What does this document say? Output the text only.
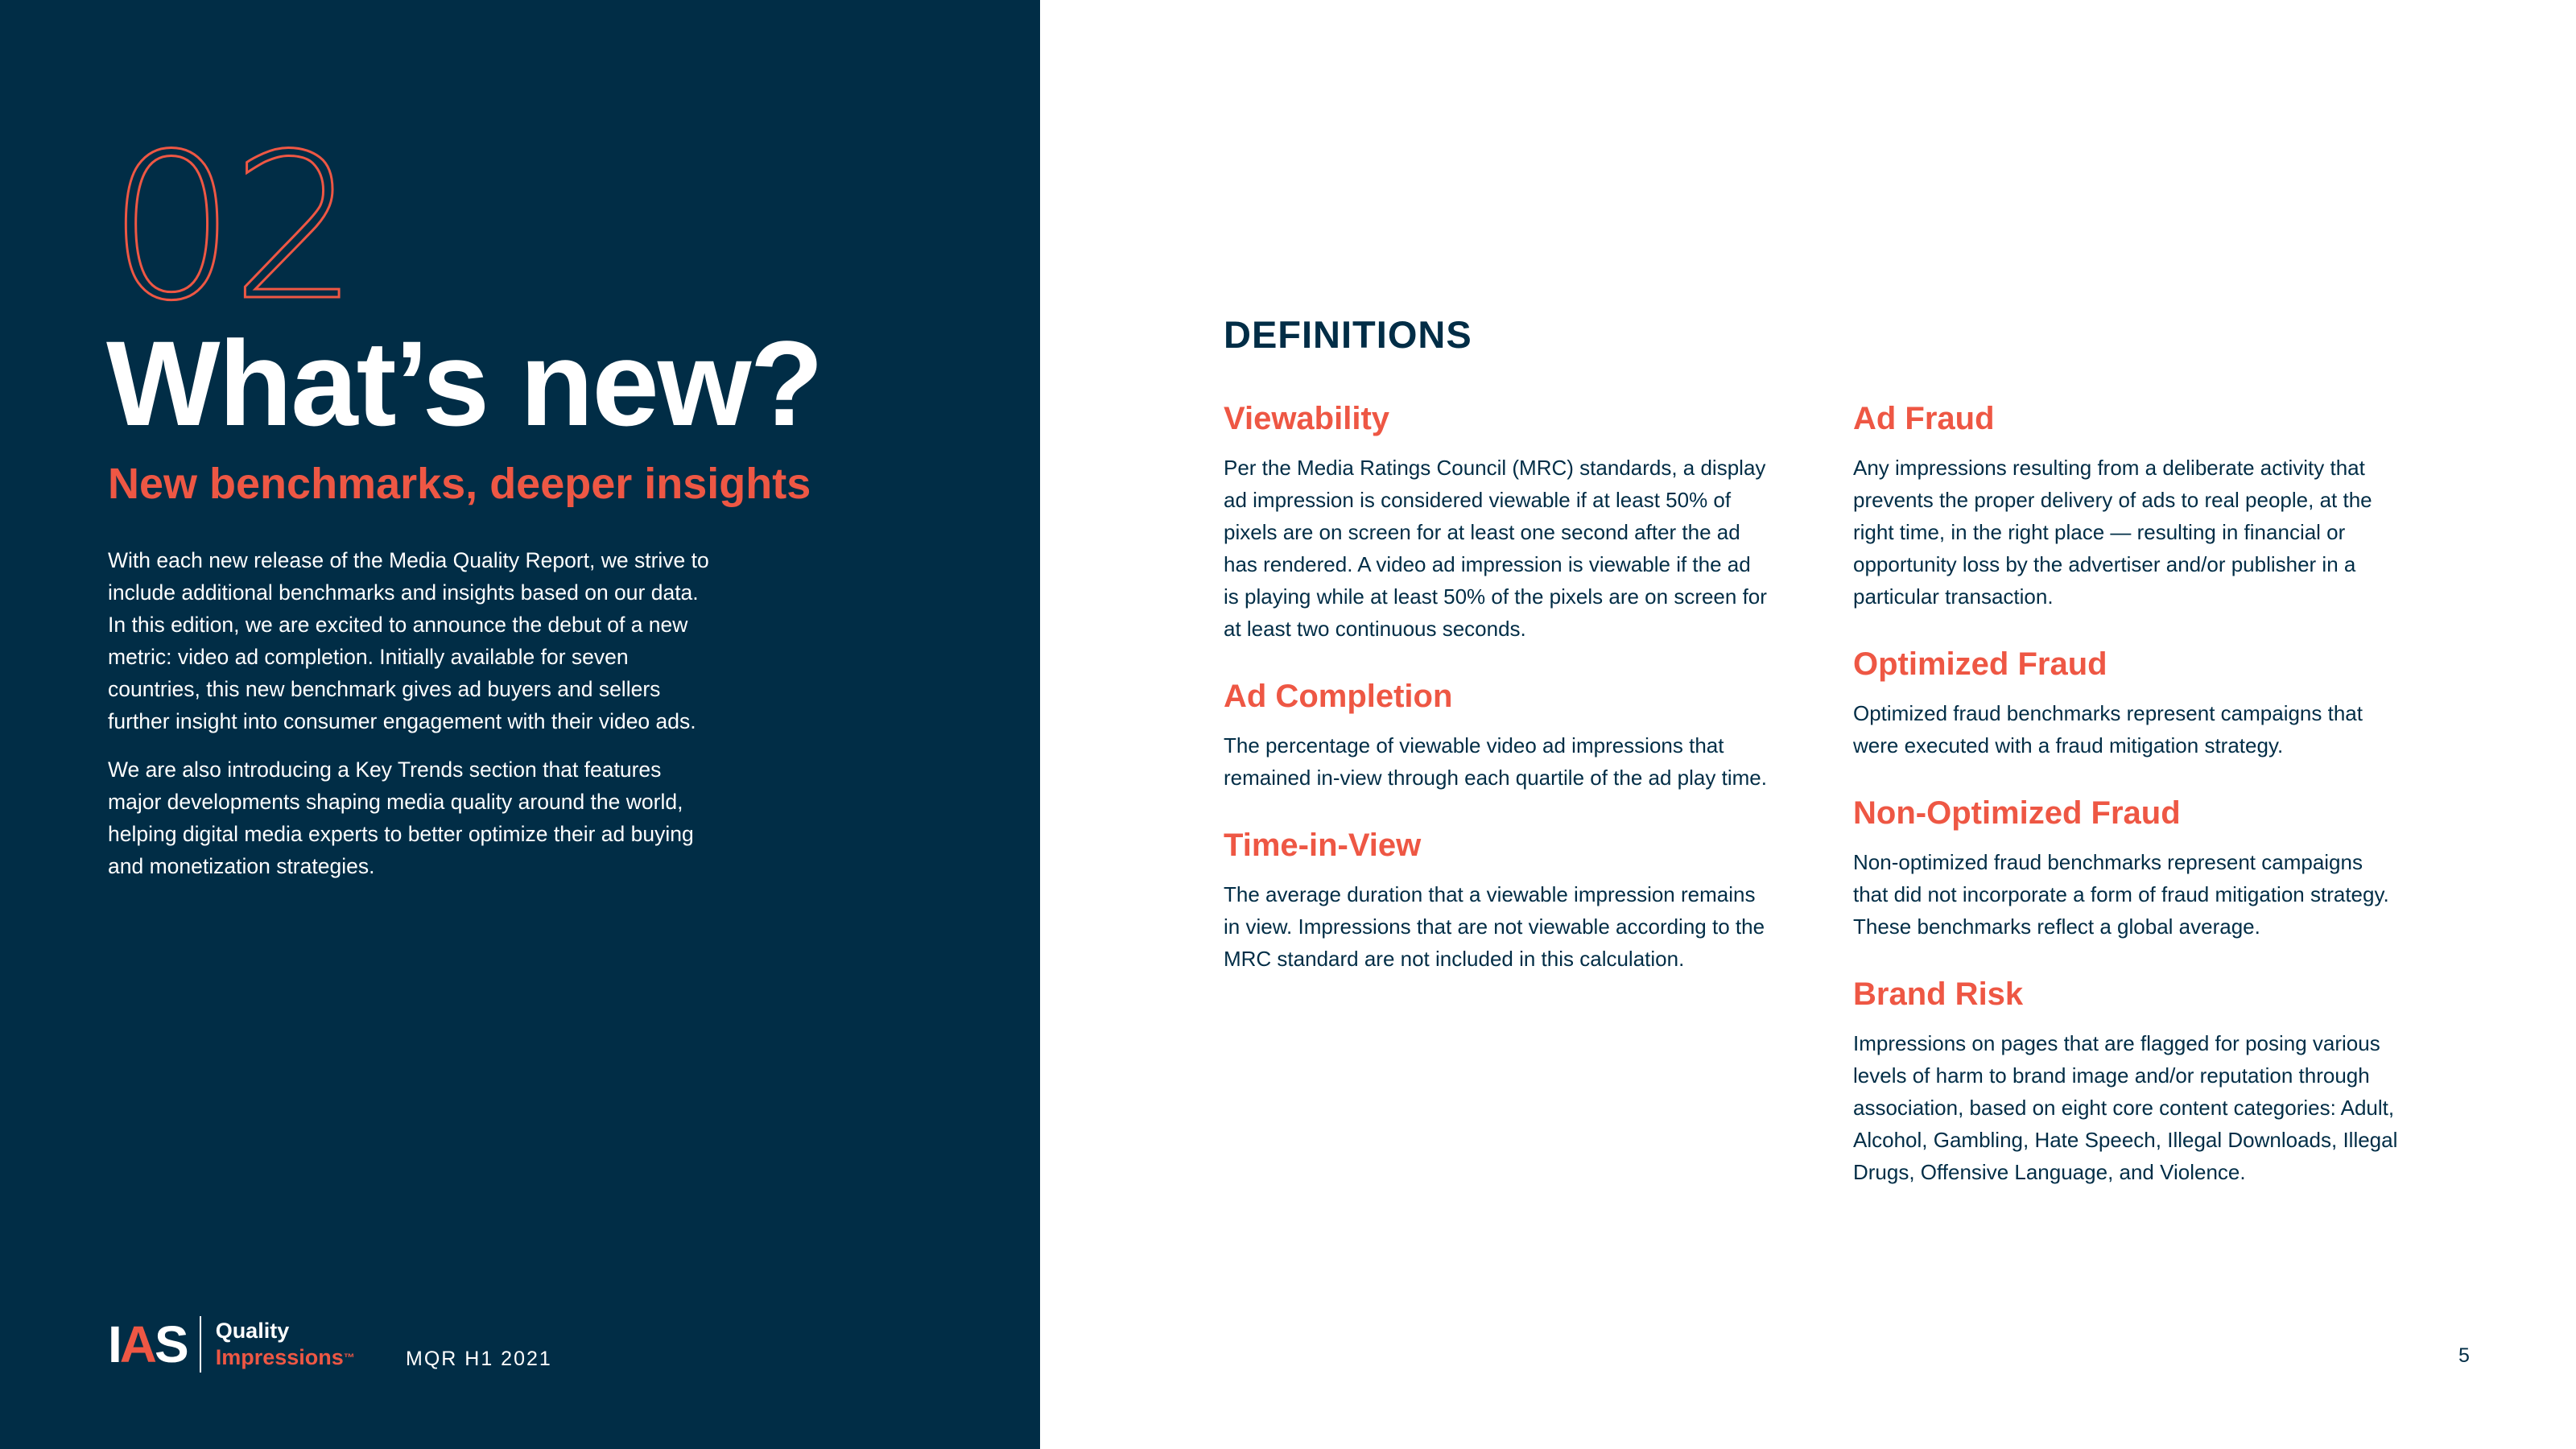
02
What’s new?
New benchmarks, deeper insights

With each new release of the Media Quality Report, we strive to include additional benchmarks and insights based on our data. In this edition, we are excited to announce the debut of a new metric: video ad completion. Initially available for seven countries, this new benchmark gives ad buyers and sellers further insight into consumer engagement with their video ads.

We are also introducing a Key Trends section that features major developments shaping media quality around the world, helping digital media experts to better optimize their ad buying and monetization strategies.

IAS Quality
Impressions™	MQR H1 2021
DEFINITIONS
Viewability

Per the Media Ratings Council (MRC) standards, a display ad impression is considered viewable if at least 50% of pixels are on screen for at least one second after the ad has rendered. A video ad impression is viewable if the ad is playing while at least 50% of the pixels are on screen for at least two continuous seconds.

Ad Completion

The percentage of viewable video ad impressions that remained in-view through each quartile of the ad play time.

Time-in-View

The average duration that a viewable impression remains in view. Impressions that are not viewable according to the MRC standard are not included in this calculation.

Ad Fraud

Any impressions resulting from a deliberate activity that prevents the proper delivery of ads to real people, at the right time, in the right place — resulting in financial or opportunity loss by the advertiser and/or publisher in a particular transaction.

Optimized Fraud

Optimized fraud benchmarks represent campaigns that were executed with a fraud mitigation strategy.

Non-Optimized Fraud

Non-optimized fraud benchmarks represent campaigns that did not incorporate a form of fraud mitigation strategy. These benchmarks reflect a global average.

Brand Risk

Impressions on pages that are flagged for posing various levels of harm to brand image and/or reputation through association, based on eight core content categories: Adult, Alcohol, Gambling, Hate Speech, Illegal Downloads, Illegal Drugs, Offensive Language, and Violence.

5
